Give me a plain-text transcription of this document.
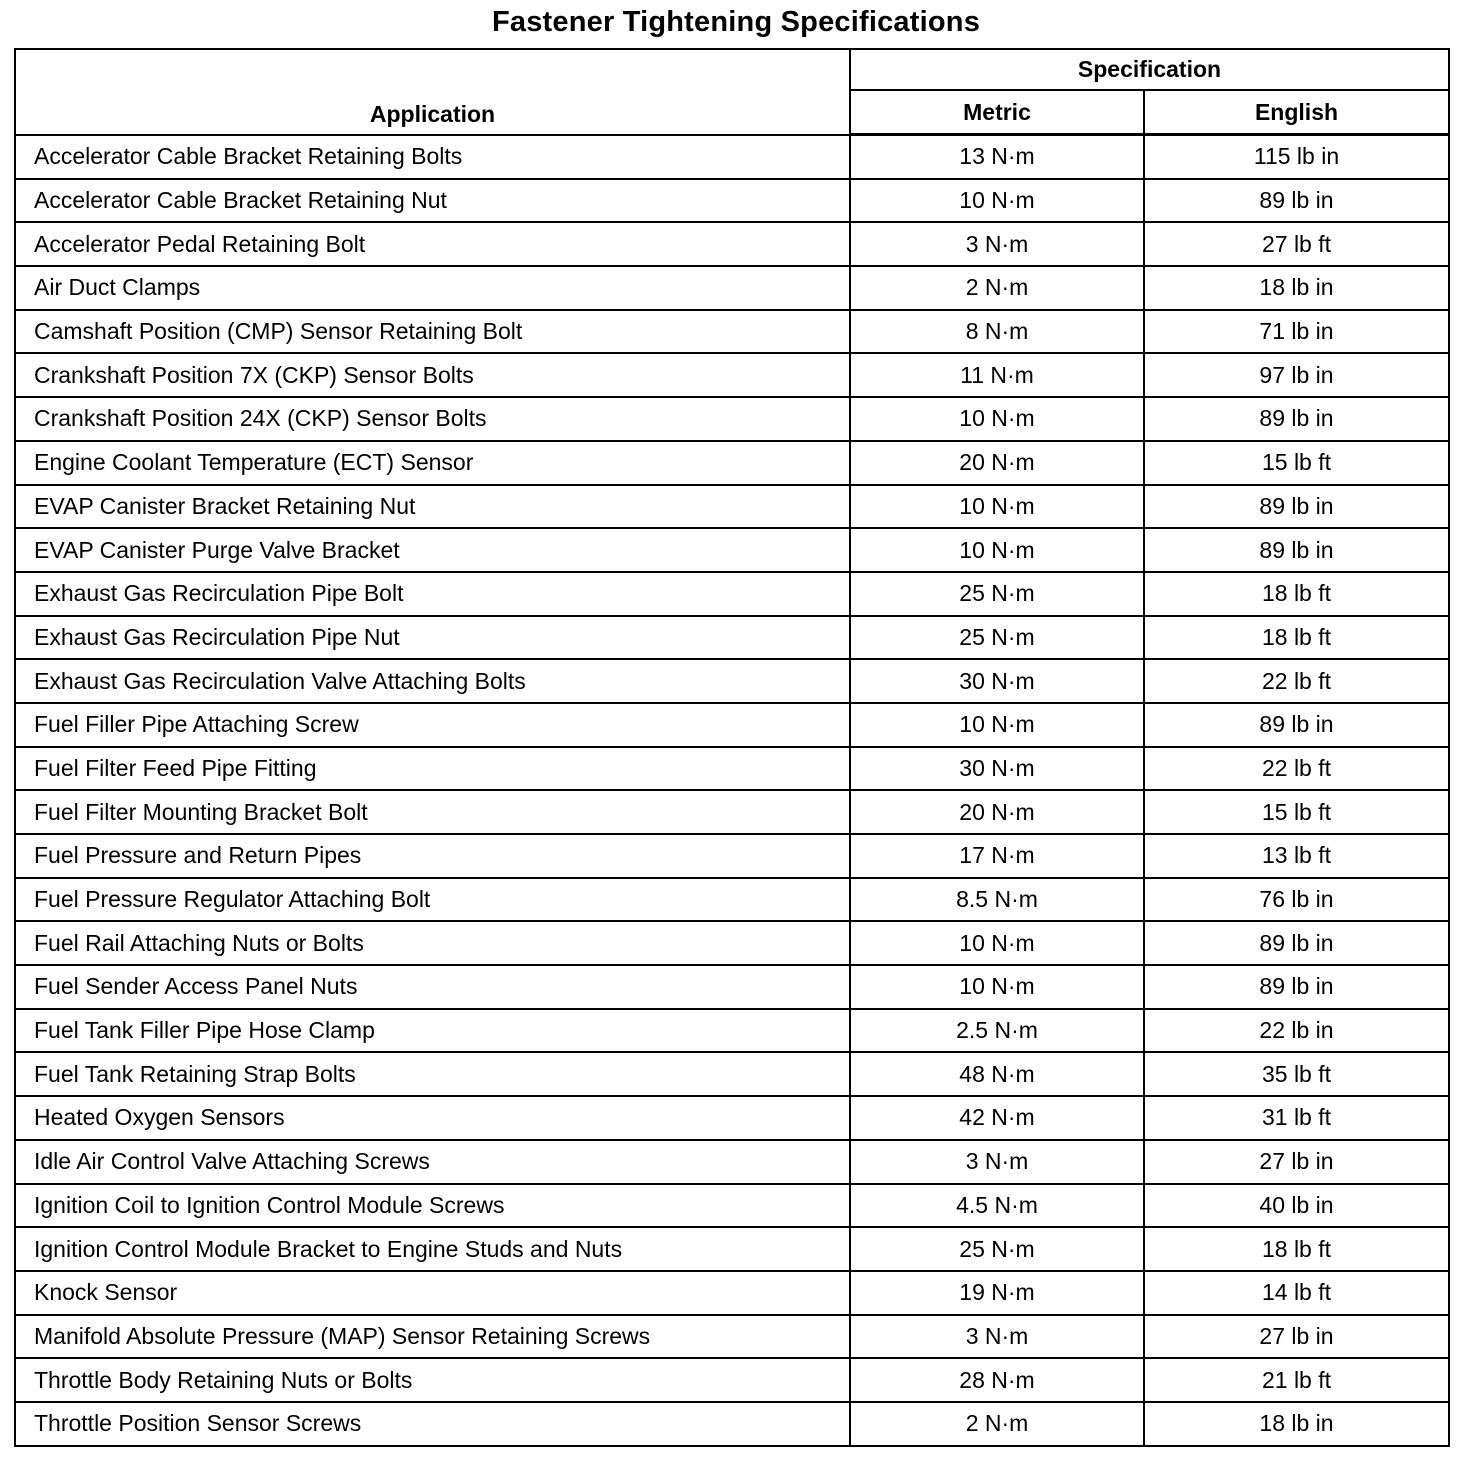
Fastener Tightening Specifications
Application	Specification	
	Metric	English
Accelerator Cable Bracket Retaining Bolts	13 N·m	115 lb in
Accelerator Cable Bracket Retaining Nut	10 N·m	89 lb in
Accelerator Pedal Retaining Bolt	3 N·m	27 lb ft
Air Duct Clamps	2 N·m	18 lb in
Camshaft Position (CMP) Sensor Retaining Bolt	8 N·m	71 lb in
Crankshaft Position 7X (CKP) Sensor Bolts	11 N·m	97 lb in
Crankshaft Position 24X (CKP) Sensor Bolts	10 N·m	89 lb in
Engine Coolant Temperature (ECT) Sensor	20 N·m	15 lb ft
EVAP Canister Bracket Retaining Nut	10 N·m	89 lb in
EVAP Canister Purge Valve Bracket	10 N·m	89 lb in
Exhaust Gas Recirculation Pipe Bolt	25 N·m	18 lb ft
Exhaust Gas Recirculation Pipe Nut	25 N·m	18 lb ft
Exhaust Gas Recirculation Valve Attaching Bolts	30 N·m	22 lb ft
Fuel Filler Pipe Attaching Screw	10 N·m	89 lb in
Fuel Filter Feed Pipe Fitting	30 N·m	22 lb ft
Fuel Filter Mounting Bracket Bolt	20 N·m	15 lb ft
Fuel Pressure and Return Pipes	17 N·m	13 lb ft
Fuel Pressure Regulator Attaching Bolt	8.5 N·m	76 lb in
Fuel Rail Attaching Nuts or Bolts	10 N·m	89 lb in
Fuel Sender Access Panel Nuts	10 N·m	89 lb in
Fuel Tank Filler Pipe Hose Clamp	2.5 N·m	22 lb in
Fuel Tank Retaining Strap Bolts	48 N·m	35 lb ft
Heated Oxygen Sensors	42 N·m	31 lb ft
Idle Air Control Valve Attaching Screws	3 N·m	27 lb in
Ignition Coil to Ignition Control Module Screws	4.5 N·m	40 lb in
Ignition Control Module Bracket to Engine Studs and Nuts	25 N·m	18 lb ft
Knock Sensor	19 N·m	14 lb ft
Manifold Absolute Pressure (MAP) Sensor Retaining Screws	3 N·m	27 lb in
Throttle Body Retaining Nuts or Bolts	28 N·m	21 lb ft
Throttle Position Sensor Screws	2 N·m	18 lb in
